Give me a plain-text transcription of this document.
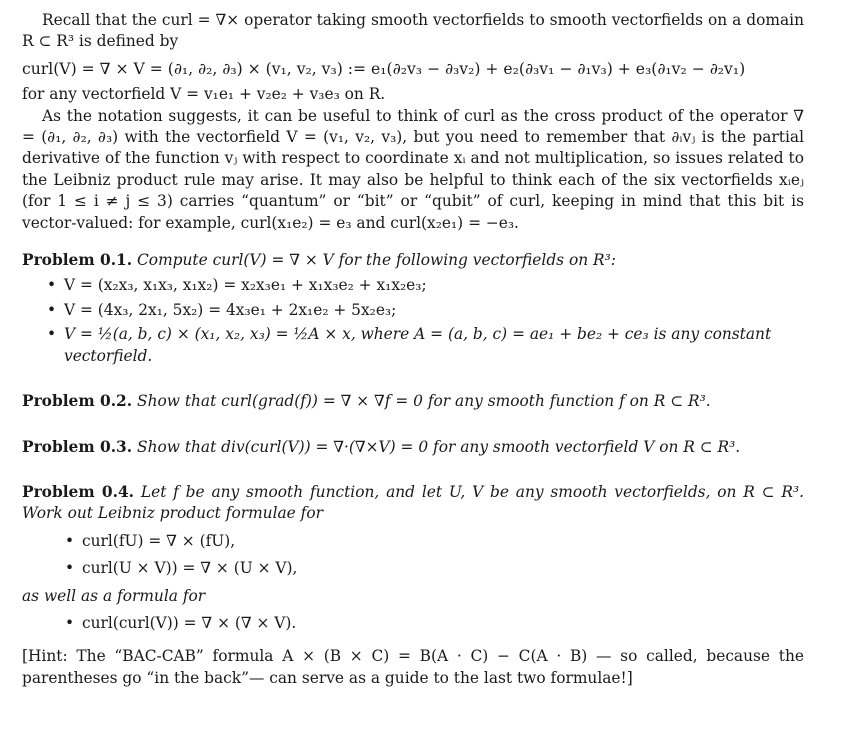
Recall that the curl = ∇× operator taking smooth vectorfields to smooth vectorfields on a domain R ⊂ R³ is defined by

curl(V) = ∇ × V = (∂₁, ∂₂, ∂₃) × (v₁, v₂, v₃) := e₁(∂₂v₃ − ∂₃v₂) + e₂(∂₃v₁ − ∂₁v₃) + e₃(∂₁v₂ − ∂₂v₁)

for any vectorfield V = v₁e₁ + v₂e₂ + v₃e₃ on R.

As the notation suggests, it can be useful to think of curl as the cross product of the operator ∇ = (∂₁, ∂₂, ∂₃) with the vectorfield V = (v₁, v₂, v₃), but you need to remember that ∂ᵢvⱼ is the partial derivative of the function vⱼ with respect to coordinate xᵢ and not multiplication, so issues related to the Leibniz product rule may arise. It may also be helpful to think each of the six vectorfields xᵢeⱼ (for 1 ≤ i ≠ j ≤ 3) carries “quantum” or “bit” or “qubit” of curl, keeping in mind that this bit is vector-valued: for example, curl(x₁e₂) = e₃ and curl(x₂e₁) = −e₃.

Problem 0.1. Compute curl(V) = ∇ × V for the following vectorfields on R³:
• V = (x₂x₃, x₁x₃, x₁x₂) = x₂x₃e₁ + x₁x₃e₂ + x₁x₂e₃;
• V = (4x₃, 2x₁, 5x₂) = 4x₃e₁ + 2x₁e₂ + 5x₂e₃;
• V = ½(a, b, c) × (x₁, x₂, x₃) = ½A × x, where A = (a, b, c) = ae₁ + be₂ + ce₃ is any constant vectorfield.
Problem 0.2. Show that curl(grad(f)) = ∇ × ∇f = 0 for any smooth function f on R ⊂ R³.
Problem 0.3. Show that div(curl(V)) = ∇·(∇×V) = 0 for any smooth vectorfield V on R ⊂ R³.
Problem 0.4. Let f be any smooth function, and let U, V be any smooth vectorfields, on R ⊂ R³. Work out Leibniz product formulae for
• curl(fU) = ∇ × (fU),
• curl(U × V)) = ∇ × (U × V),
as well as a formula for
• curl(curl(V)) = ∇ × (∇ × V).

[Hint: The “BAC-CAB” formula A × (B × C) = B(A · C) − C(A · B) — so called, because the parentheses go “in the back”— can serve as a guide to the last two formulae!]
